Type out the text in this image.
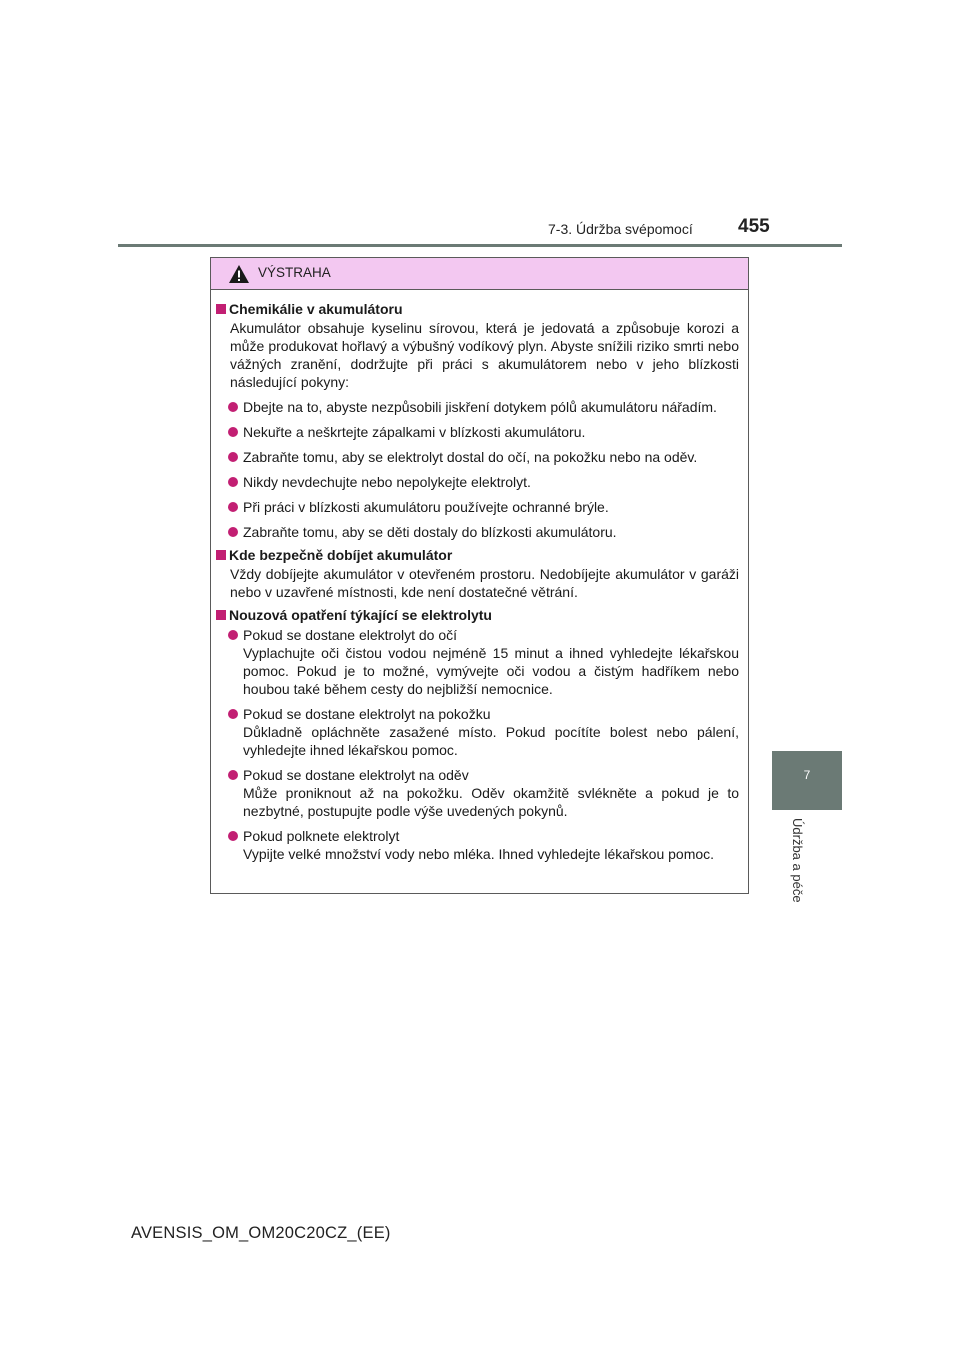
7-3. Údržba svépomocí 455
7
Údržba a péče
VÝSTRAHA
Chemikálie v akumulátoru
Akumulátor obsahuje kyselinu sírovou, která je jedovatá a způsobuje korozi a může produkovat hořlavý a výbušný vodíkový plyn. Abyste snížili riziko smrti nebo vážných zranění, dodržujte při práci s akumulátorem nebo v jeho blízkosti následující pokyny:
Dbejte na to, abyste nezpůsobili jiskření dotykem pólů akumulátoru nářadím.
Nekuřte a neškrtejte zápalkami v blízkosti akumulátoru.
Zabraňte tomu, aby se elektrolyt dostal do očí, na pokožku nebo na oděv.
Nikdy nevdechujte nebo nepolykejte elektrolyt.
Při práci v blízkosti akumulátoru používejte ochranné brýle.
Zabraňte tomu, aby se děti dostaly do blízkosti akumulátoru.
Kde bezpečně dobíjet akumulátor
Vždy dobíjejte akumulátor v otevřeném prostoru. Nedobíjejte akumulátor v garáži nebo v uzavřené místnosti, kde není dostatečné větrání.
Nouzová opatření týkající se elektrolytu
Pokud se dostane elektrolyt do očí
Vyplachujte oči čistou vodou nejméně 15 minut a ihned vyhledejte lékařskou pomoc. Pokud je to možné, vymývejte oči vodou a čistým hadříkem nebo houbou také během cesty do nejbližší nemocnice.
Pokud se dostane elektrolyt na pokožku
Důkladně opláchněte zasažené místo. Pokud pocítíte bolest nebo pálení, vyhledejte ihned lékařskou pomoc.
Pokud se dostane elektrolyt na oděv
Může proniknout až na pokožku. Oděv okamžitě svlékněte a pokud je to nezbytné, postupujte podle výše uvedených pokynů.
Pokud polknete elektrolyt
Vypijte velké množství vody nebo mléka. Ihned vyhledejte lékařskou pomoc.
AVENSIS_OM_OM20C20CZ_(EE)
